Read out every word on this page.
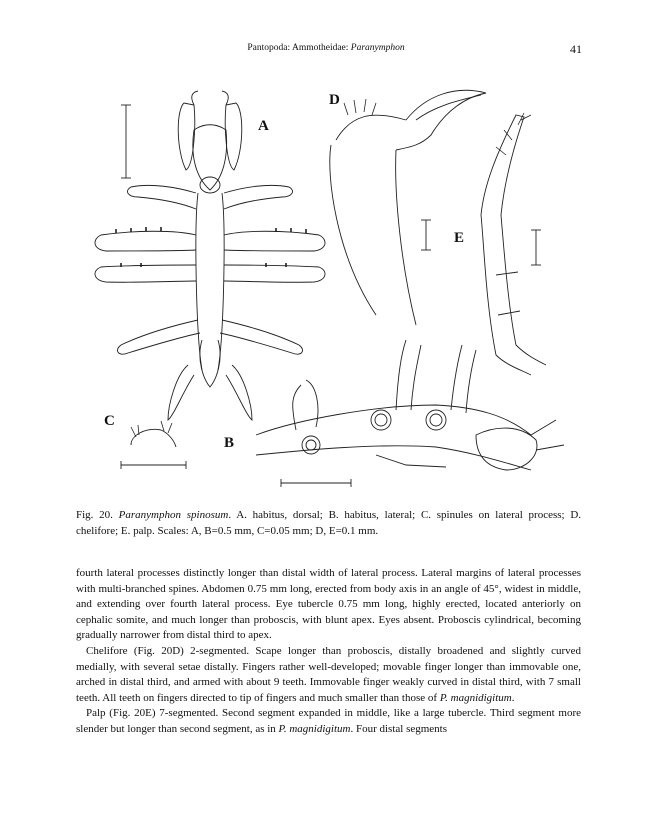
Pantopoda: Ammotheidae: Paranymphon	41
A
B
C
D
E
Fig. 20. Paranymphon spinosum. A. habitus, dorsal; B. habitus, lateral; C. spinules on lateral process; D. chelifore; E. palp. Scales: A, B=0.5 mm, C=0.05 mm; D, E=0.1 mm.

fourth lateral processes distinctly longer than distal width of lateral process. Lateral margins of lateral processes with multi-branched spines. Abdomen 0.75 mm long, erected from body axis in an angle of 45°, widest in middle, and extending over fourth lateral process. Eye tubercle 0.75 mm long, highly erected, located anteriorly on cephalic somite, and much longer than proboscis, with blunt apex. Eyes absent. Proboscis cylindrical, becoming gradually narrower from distal third to apex.

Chelifore (Fig. 20D) 2-segmented. Scape longer than proboscis, distally broadened and slightly curved medially, with several setae distally. Fingers rather well-developed; movable finger longer than immovable one, arched in distal third, and armed with about 9 teeth. Immovable finger weakly curved in distal third, with 7 small teeth. All teeth on fingers directed to tip of fingers and much smaller than those of P. magnidigitum.

Palp (Fig. 20E) 7-segmented. Second segment expanded in middle, like a large tubercle. Third segment more slender but longer than second segment, as in P. magnidigitum. Four distal segments
